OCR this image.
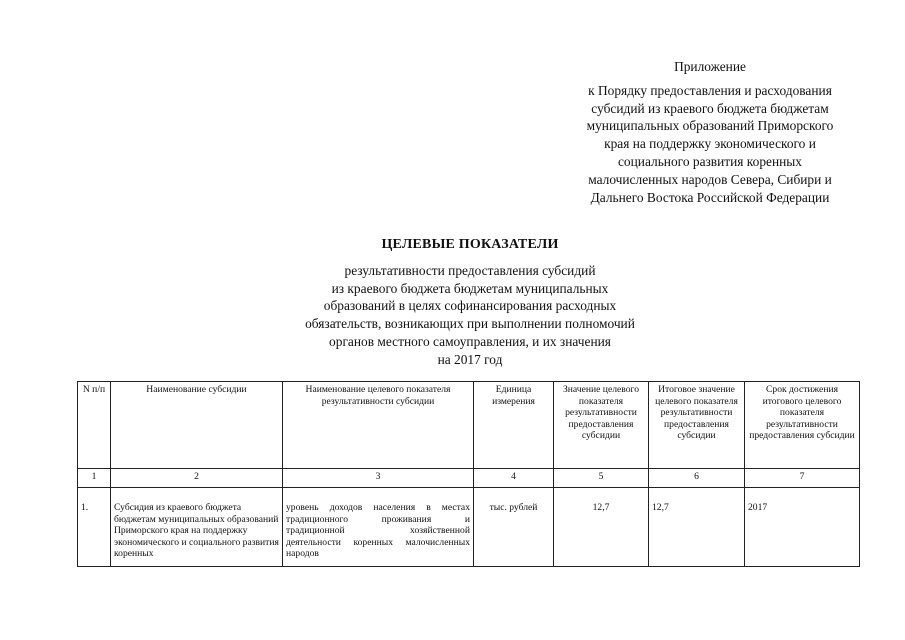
Приложение
к Порядку предоставления и расходования
субсидий из краевого бюджета бюджетам
муниципальных образований Приморского
края на поддержку экономического и
социального развития коренных
малочисленных народов Севера, Сибири и
Дальнего Востока Российской Федерации
ЦЕЛЕВЫЕ ПОКАЗАТЕЛИ
результативности предоставления субсидий
из краевого бюджета бюджетам муниципальных
образований в целях софинансирования расходных
обязательств, возникающих при выполнении полномочий
органов местного самоуправления, и их значения
на 2017 год
N п/п	Наименование субсидии	Наименование целевого показателя результативности субсидии	Единица измерения	Значение целевого показателя результативности предоставления субсидии	Итоговое значение целевого показателя результативности предоставления субсидии	Срок достижения итогового целевого показателя результативности предоставления субсидии
1	2	3	4	5	6	7
1.	Субсидия из краевого бюджета бюджетам муниципальных образований Приморского края на поддержку экономического и социального развития коренных	уровень доходов населения в местах традиционного проживания и традиционной хозяйственной деятельности коренных малочисленных народов	тыс. рублей	12,7	12,7	2017
